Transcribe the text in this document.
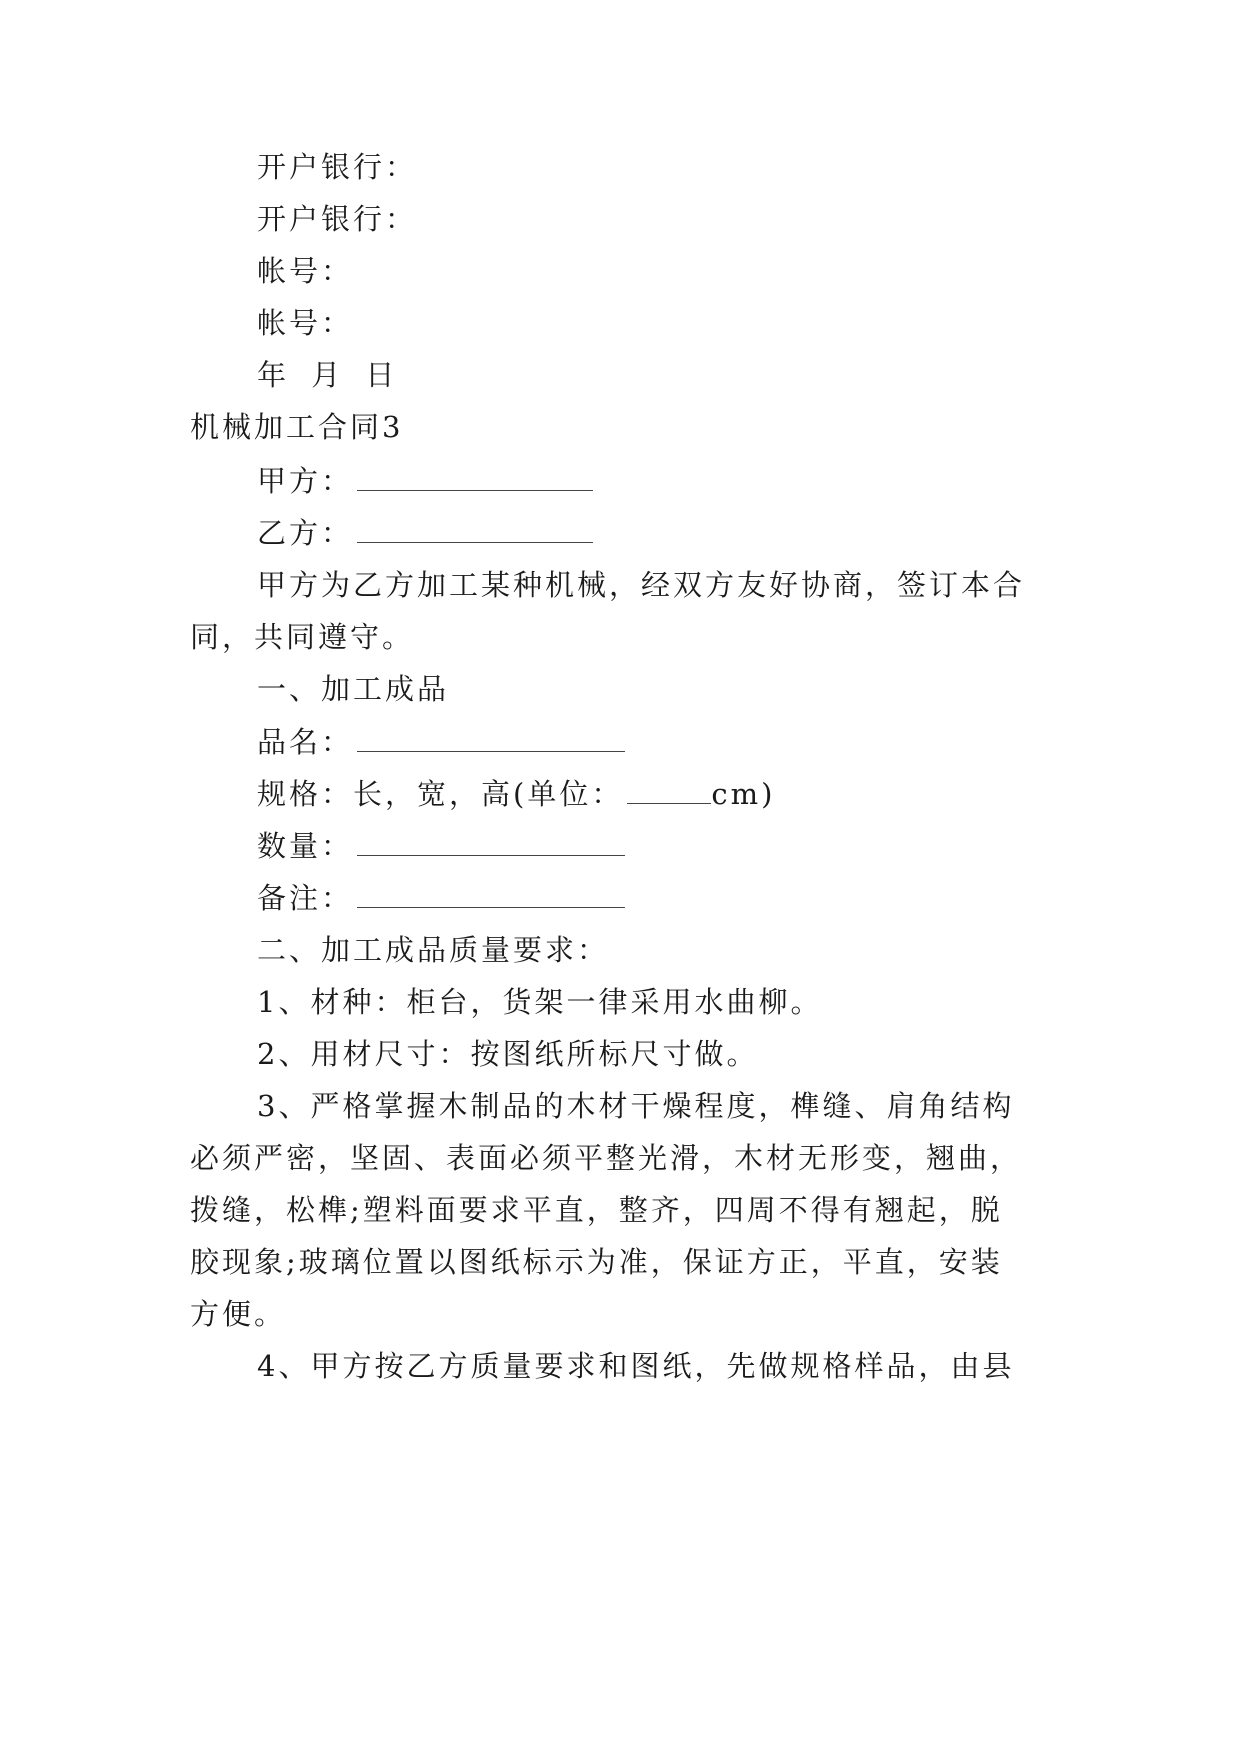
开户银行：
开户银行：
帐号：
帐号：
年 月 日
机械加工合同3
甲方：
乙方：
甲方为乙方加工某种机械，经双方友好协商，签订本合
同，共同遵守。
一、加工成品
品名：
规格：长，宽，高(单位：	cm)
数量：
备注：
二、加工成品质量要求：
1、材种：柜台，货架一律采用水曲柳。
2、用材尺寸：按图纸所标尺寸做。
3、严格掌握木制品的木材干燥程度，榫缝、肩角结构
必须严密，坚固、表面必须平整光滑，木材无形变，翘曲，
拨缝，松榫;塑料面要求平直，整齐，四周不得有翘起，脱
胶现象;玻璃位置以图纸标示为准，保证方正，平直，安装
方便。
4、甲方按乙方质量要求和图纸，先做规格样品，由县
